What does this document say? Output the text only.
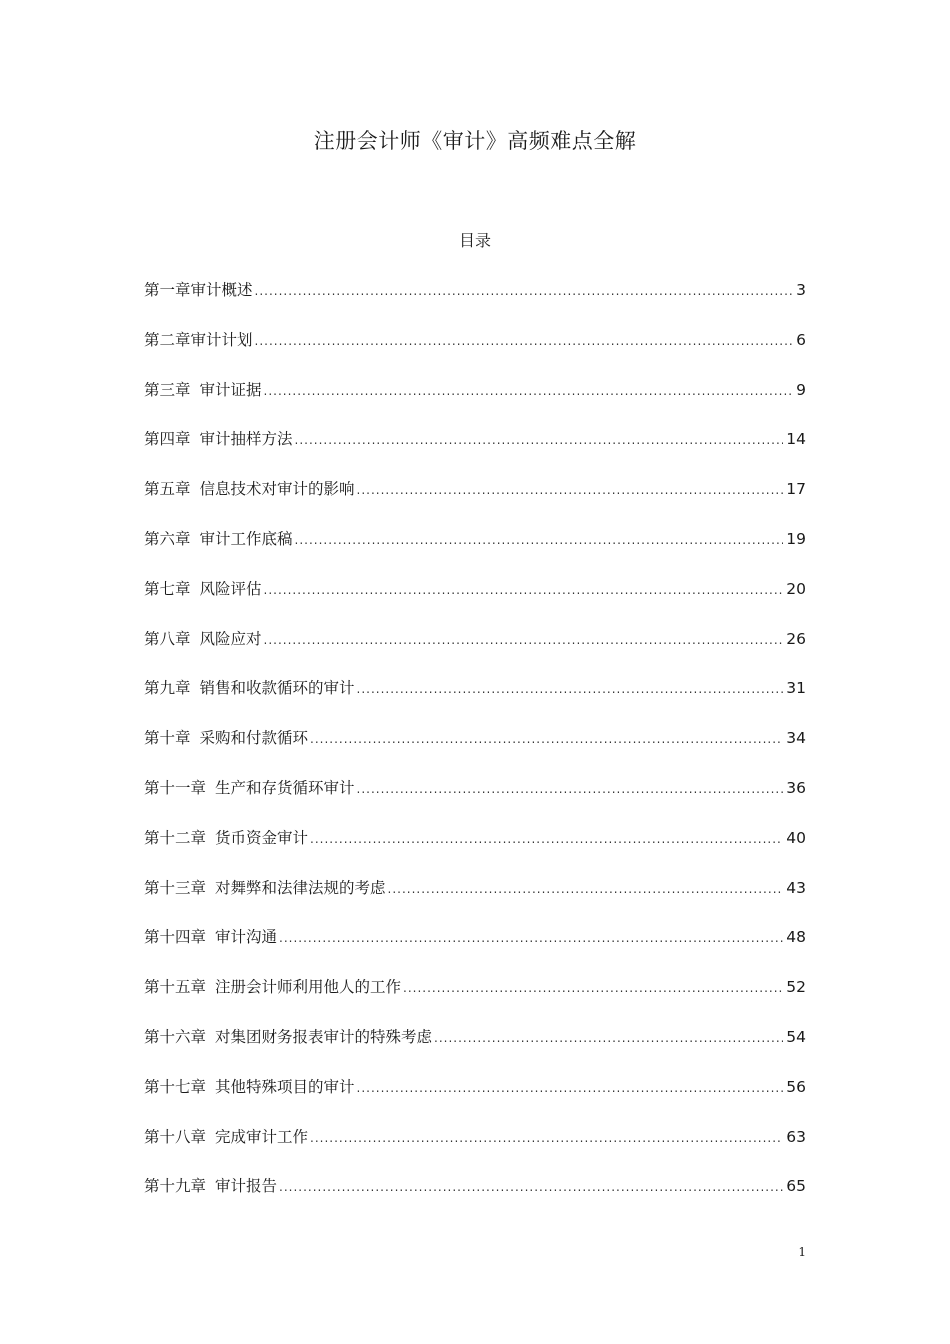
注册会计师《审计》高频难点全解
目录
第一章审计概述 .....	3
第二章审计计划 .....	6
第三章 审计证据 .....	9
第四章 审计抽样方法 .....	14
第五章 信息技术对审计的影响 .....	17
第六章 审计工作底稿 .....	19
第七章 风险评估 .....	20
第八章 风险应对 .....	26
第九章 销售和收款循环的审计 .....	31
第十章 采购和付款循环 .....	34
第十一章 生产和存货循环审计 .....	36
第十二章 货币资金审计 .....	40
第十三章 对舞弊和法律法规的考虑 .....	43
第十四章 审计沟通 .....	48
第十五章 注册会计师利用他人的工作 .....	52
第十六章 对集团财务报表审计的特殊考虑 .....	54
第十七章 其他特殊项目的审计 .....	56
第十八章 完成审计工作 .....	63
第十九章 审计报告 .....	65
1
